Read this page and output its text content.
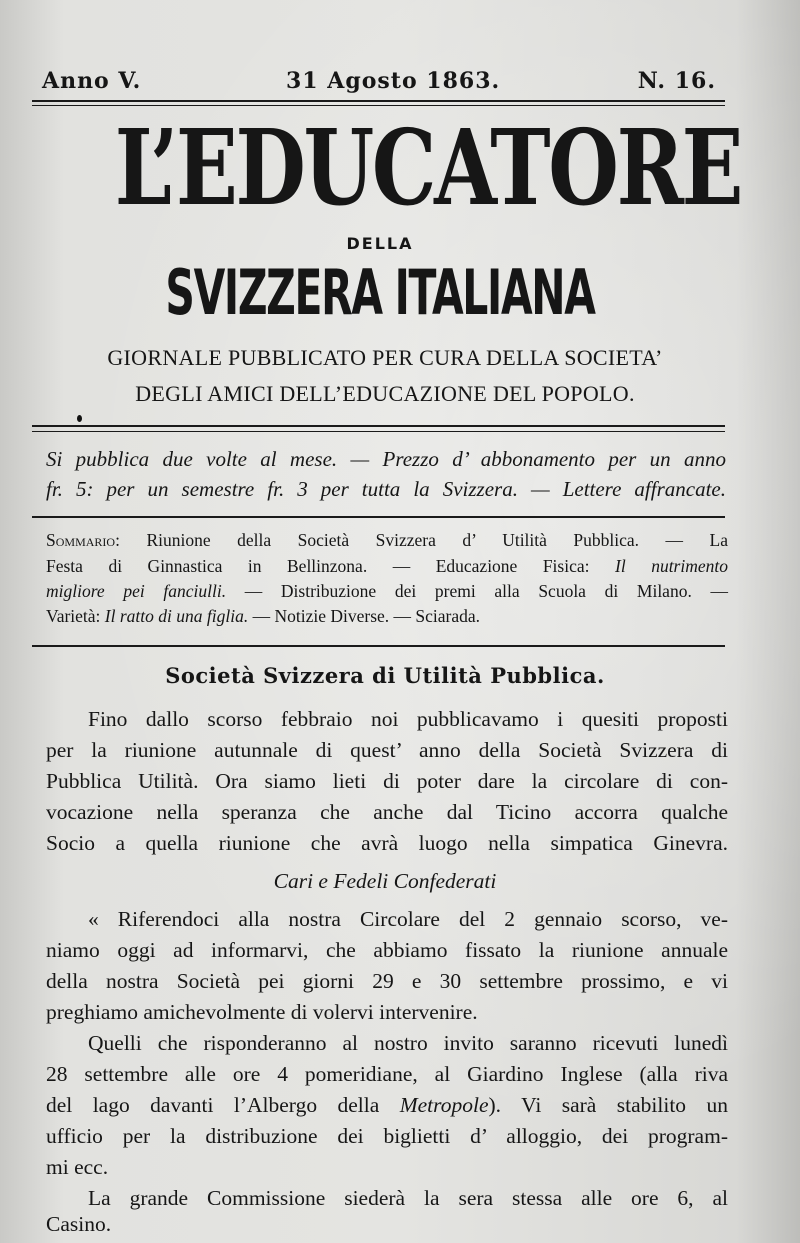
Anno V.	31 Agosto 1863.	N. 16.
L’EDUCATORE
DELLA
SVIZZERA ITALIANA
GIORNALE PUBBLICATO PER CURA DELLA SOCIETA’
DEGLI AMICI DELL’EDUCAZIONE DEL POPOLO.
Si pubblica due volte al mese. — Prezzo d’ abbonamento per un anno
fr. 5: per un semestre fr. 3 per tutta la Svizzera. — Lettere affrancate.
Sommario: Riunione della Società Svizzera d’ Utilità Pubblica. — La
Festa di Ginnastica in Bellinzona. — Educazione Fisica: Il nutrimento
migliore pei fanciulli. — Distribuzione dei premi alla Scuola di Milano. —
Varietà: Il ratto di una figlia. — Notizie Diverse. — Sciarada.
Società Svizzera di Utilità Pubblica.
Fino dallo scorso febbraio noi pubblicavamo i quesiti proposti
per la riunione autunnale di quest’ anno della Società Svizzera di
Pubblica Utilità. Ora siamo lieti di poter dare la circolare di con-
vocazione nella speranza che anche dal Ticino accorra qualche
Socio a quella riunione che avrà luogo nella simpatica Ginevra.
Cari e Fedeli Confederati
« Riferendoci alla nostra Circolare del 2 gennaio scorso, ve-
niamo oggi ad informarvi, che abbiamo fissato la riunione annuale
della nostra Società pei giorni 29 e 30 settembre prossimo, e vi
preghiamo amichevolmente di volervi intervenire.
Quelli che risponderanno al nostro invito saranno ricevuti lunedì
28 settembre alle ore 4 pomeridiane, al Giardino Inglese (alla riva
del lago davanti l’Albergo della Metropole). Vi sarà stabilito un
ufficio per la distribuzione dei biglietti d’ alloggio, dei program-
mi ecc.
La grande Commissione siederà la sera stessa alle ore 6, al
Casino.
